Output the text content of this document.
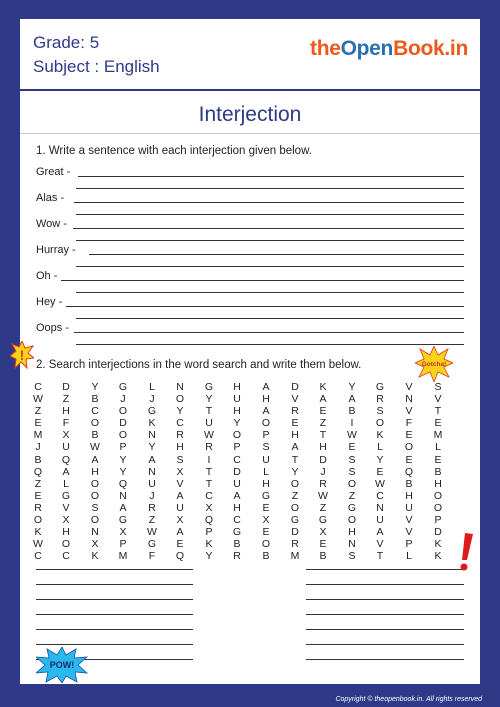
Grade: 5
Subject : English
theOpenBook.in
Interjection
1. Write a sentence with each interjection given below.
Great -
Alas -
Wow -
Hurray -
Oh -
Hey -
Oops -
!
2. Search interjections in the word search and write them below.	Gotcha!
C	D	Y	G	L	N	G	H	A	D	K	Y	G	V	S
W	Z	B	J	J	O	Y	U	H	V	A	A	R	N	V
Z	H	C	O G	Y	T	H	A	R	E	B	S	V	T
E	F	O	D	K	C	U	Y	O	E	Z	I	O	F	E
M	X	B	O	N	R	W O	P	H	T	W	K	E	M
J	U	W	P	Y	H	R	P	S	A	H	E	L	O	L
B	Q	A	Y	A	S	I	C	U	T	D	S	Y	E	E
Q	A	H	Y	N	X	T	D	L	Y	J	S	E	Q	B
Z	L	O Q	U	V	T	U	H	O	R	O W	B	H
E	G O	N	J	A	C	A	G	Z	W	Z	C	H	O
R	V	S	A	R	U	X	H	E	O	Z	G	N	U	O
O	X	O G	Z	X	Q	C	X	G G O	U	V	P
K	H	N	X	W	A	P	G	E	D	X	H	A	V	D
W O	X	P	G	E	K	B	O	R	E	N	V	P	K
C	C	K	M	F	Q	Y	R	B	M	B	S	T	L	K
POW!
Copyright © theopenbook.in. All rights reserved
